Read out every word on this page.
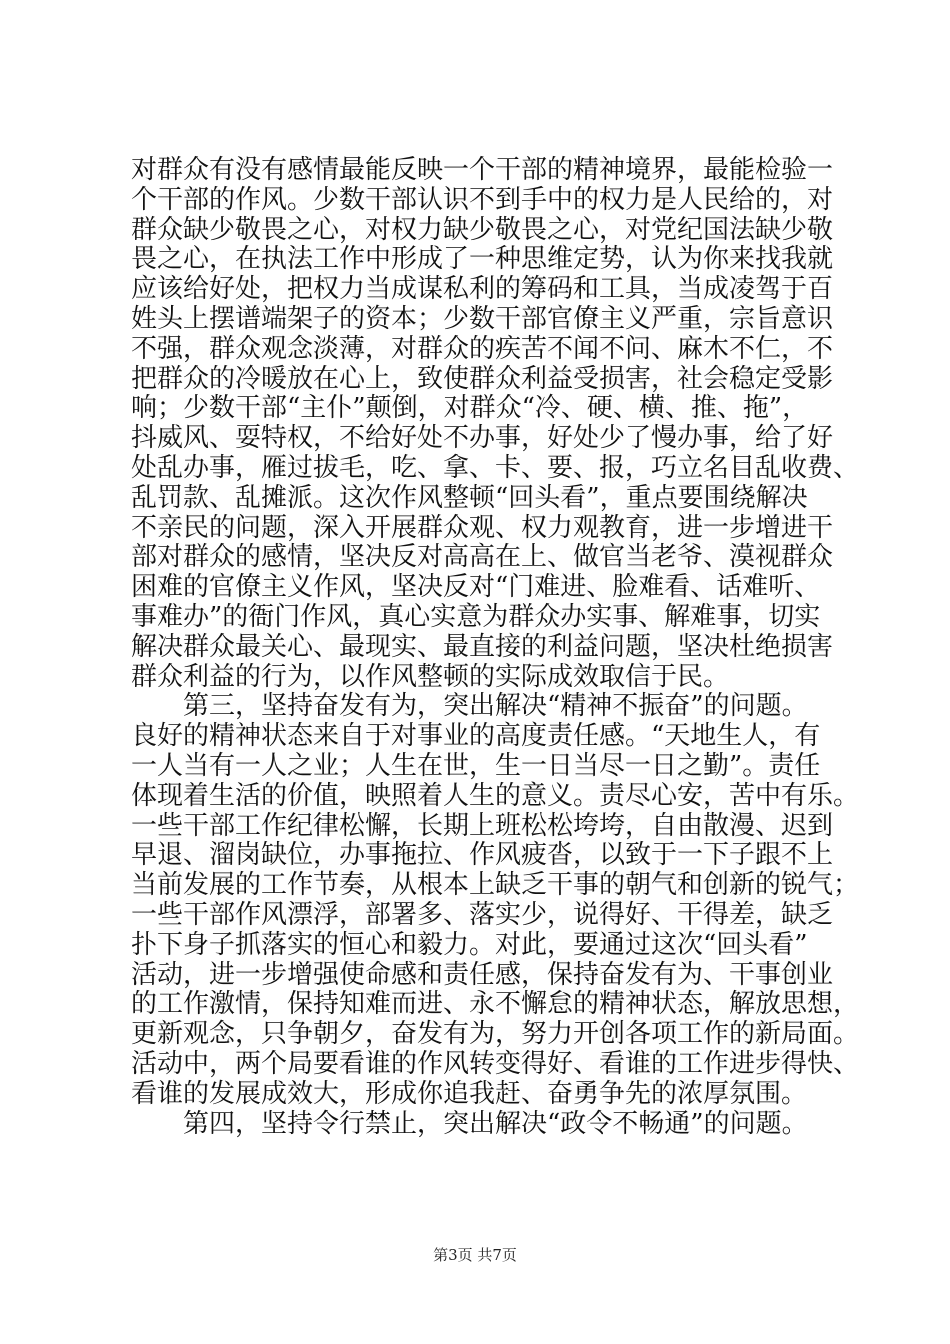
对群众有没有感情最能反映一个干部的精神境界，最能检验一
个干部的作风。少数干部认识不到手中的权力是人民给的，对
群众缺少敬畏之心，对权力缺少敬畏之心，对党纪国法缺少敬
畏之心，在执法工作中形成了一种思维定势，认为你来找我就
应该给好处，把权力当成谋私利的筹码和工具，当成凌驾于百
姓头上摆谱端架子的资本；少数干部官僚主义严重，宗旨意识
不强，群众观念淡薄，对群众的疾苦不闻不问、麻木不仁，不
把群众的冷暖放在心上，致使群众利益受损害，社会稳定受影
响；少数干部“主仆”颠倒，对群众“冷、硬、横、推、拖”，
抖威风、耍特权，不给好处不办事，好处少了慢办事，给了好
处乱办事，雁过拔毛，吃、拿、卡、要、报，巧立名目乱收费、
乱罚款、乱摊派。这次作风整顿“回头看”，重点要围绕解决
不亲民的问题，深入开展群众观、权力观教育，进一步增进干
部对群众的感情，坚决反对高高在上、做官当老爷、漠视群众
困难的官僚主义作风，坚决反对“门难进、脸难看、话难听、
事难办”的衙门作风，真心实意为群众办实事、解难事，切实
解决群众最关心、最现实、最直接的利益问题，坚决杜绝损害
群众利益的行为，以作风整顿的实际成效取信于民。
第三，坚持奋发有为，突出解决“精神不振奋”的问题。
良好的精神状态来自于对事业的高度责任感。“天地生人，有
一人当有一人之业；人生在世，生一日当尽一日之勤”。责任
体现着生活的价值，映照着人生的意义。责尽心安，苦中有乐。
一些干部工作纪律松懈，长期上班松松垮垮，自由散漫、迟到
早退、溜岗缺位，办事拖拉、作风疲沓，以致于一下子跟不上
当前发展的工作节奏，从根本上缺乏干事的朝气和创新的锐气；
一些干部作风漂浮，部署多、落实少，说得好、干得差，缺乏
扑下身子抓落实的恒心和毅力。对此，要通过这次“回头看”
活动，进一步增强使命感和责任感，保持奋发有为、干事创业
的工作激情，保持知难而进、永不懈怠的精神状态，解放思想，
更新观念，只争朝夕，奋发有为，努力开创各项工作的新局面。
活动中，两个局要看谁的作风转变得好、看谁的工作进步得快、
看谁的发展成效大，形成你追我赶、奋勇争先的浓厚氛围。
第四，坚持令行禁止，突出解决“政令不畅通”的问题。
第3页 共7页
